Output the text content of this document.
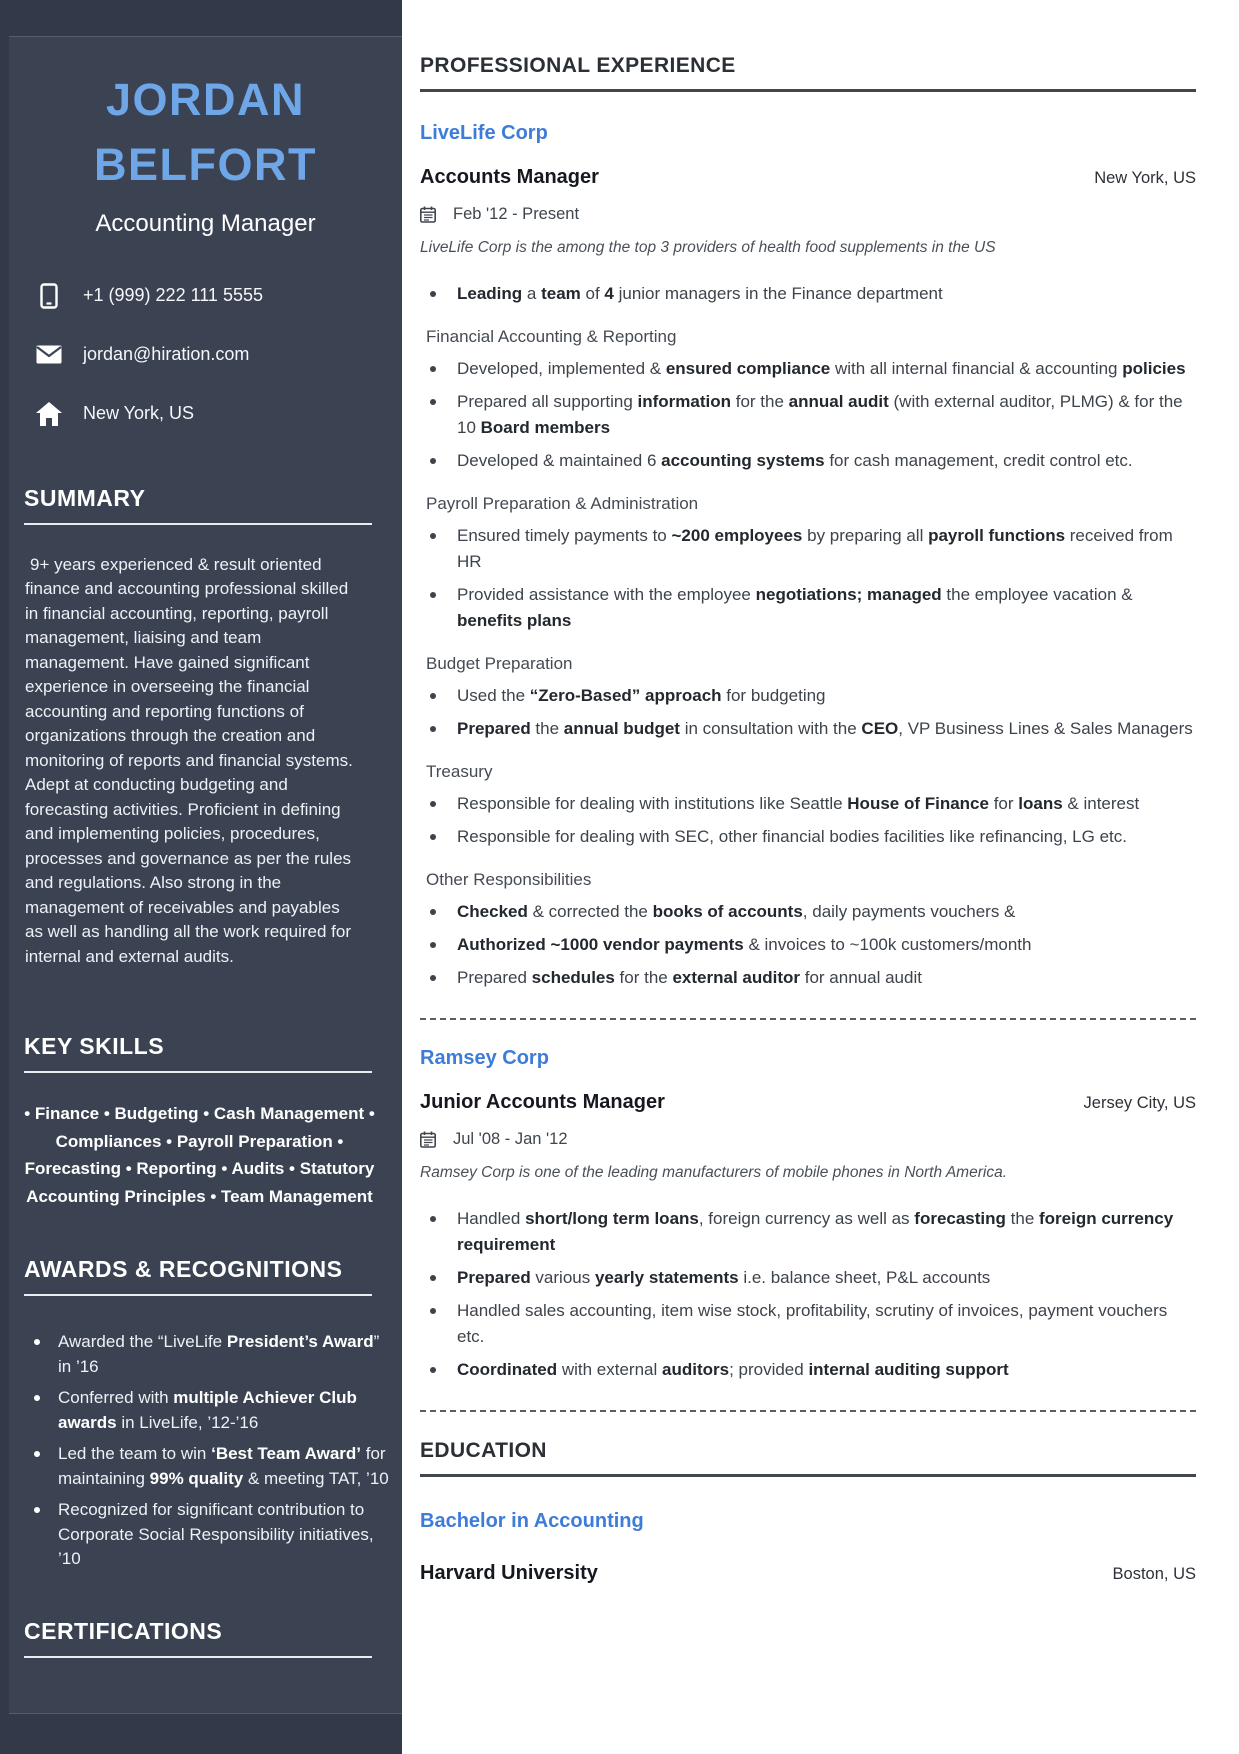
JORDAN
BELFORT
Accounting Manager
+1 (999) 222 111 5555
jordan@hiration.com
New York, US
SUMMARY

9+ years experienced & result oriented finance and accounting professional skilled in financial accounting, reporting, payroll management, liaising and team management. Have gained significant experience in overseeing the financial accounting and reporting functions of organizations through the creation and monitoring of reports and financial systems. Adept at conducting budgeting and forecasting activities. Proficient in defining and implementing policies, procedures, processes and governance as per the rules and regulations. Also strong in the management of receivables and payables as well as handling all the work required for internal and external audits.

KEY SKILLS
• Finance • Budgeting • Cash Management • Compliances • Payroll Preparation • Forecasting • Reporting • Audits • Statutory Accounting Principles • Team Management
AWARDS & RECOGNITIONS
Awarded the “LiveLife President’s Award” in ’16
Conferred with multiple Achiever Club awards in LiveLife, ’12-’16
Led the team to win ‘Best Team Award’ for maintaining 99% quality & meeting TAT, ’10
Recognized for significant contribution to Corporate Social Responsibility initiatives, ’10
CERTIFICATIONS
PROFESSIONAL EXPERIENCE
LiveLife Corp
Accounts Manager	New York, US
Feb '12 - Present
LiveLife Corp is the among the top 3 providers of health food supplements in the US
Leading a team of 4 junior managers in the Finance department
Financial Accounting & Reporting
Developed, implemented & ensured compliance with all internal financial & accounting policies
Prepared all supporting information for the annual audit (with external auditor, PLMG) & for the 10 Board members
Developed & maintained 6 accounting systems for cash management, credit control etc.
Payroll Preparation & Administration
Ensured timely payments to ~200 employees by preparing all payroll functions received from HR
Provided assistance with the employee negotiations; managed the employee vacation & benefits plans
Budget Preparation
Used the “Zero-Based” approach for budgeting
Prepared the annual budget in consultation with the CEO, VP Business Lines & Sales Managers
Treasury
Responsible for dealing with institutions like Seattle House of Finance for loans & interest
Responsible for dealing with SEC, other financial bodies facilities like refinancing, LG etc.
Other Responsibilities
Checked & corrected the books of accounts, daily payments vouchers &
Authorized ~1000 vendor payments & invoices to ~100k customers/month
Prepared schedules for the external auditor for annual audit
Ramsey Corp
Junior Accounts Manager	Jersey City, US
Jul '08 - Jan '12
Ramsey Corp is one of the leading manufacturers of mobile phones in North America.
Handled short/long term loans, foreign currency as well as forecasting the foreign currency requirement
Prepared various yearly statements i.e. balance sheet, P&L accounts
Handled sales accounting, item wise stock, profitability, scrutiny of invoices, payment vouchers etc.
Coordinated with external auditors; provided internal auditing support
EDUCATION
Bachelor in Accounting
Harvard University	Boston, US
